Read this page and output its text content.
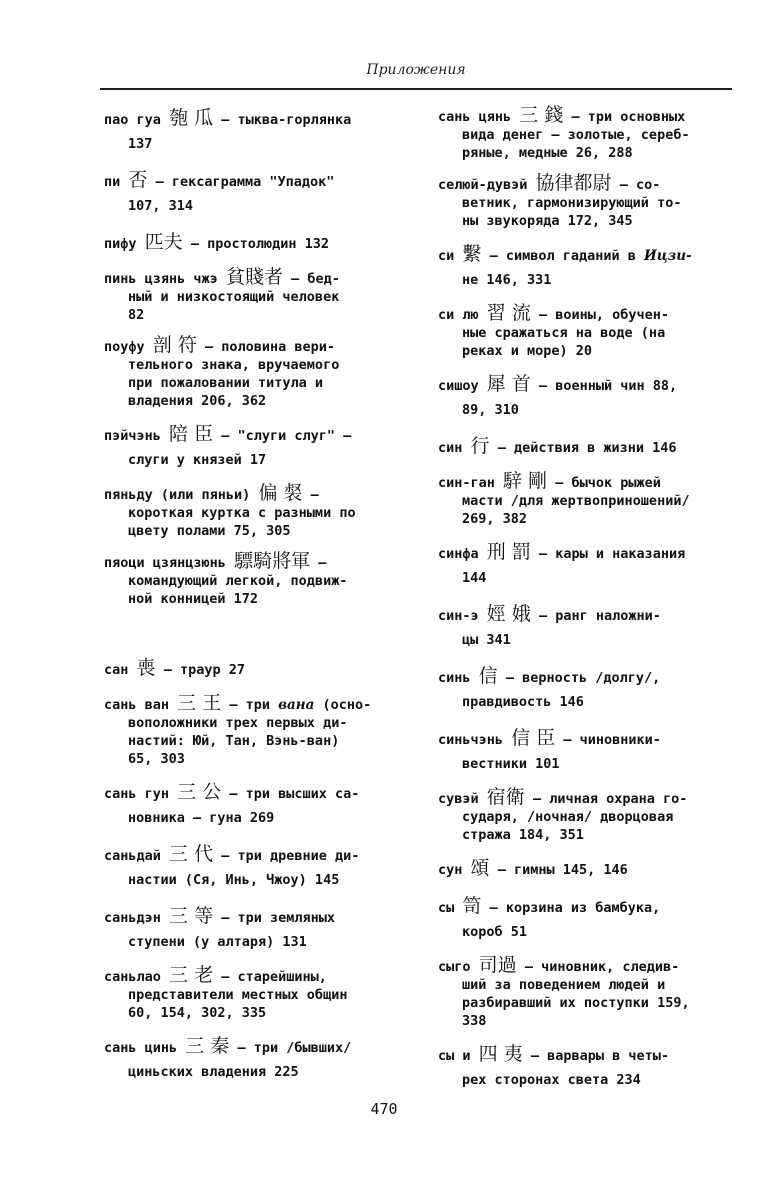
Приложения
пао гуа 匏 瓜 – тыква-горлянка
137
пи 否 – гексаграмма "Упадок"
107, 314
пифу 匹夫 – простолюдин 132
пинь цзянь чжэ 貧賤者 – бед-
ный и низкостоящий человек
82
поуфу 剖 符 – половина вери-
тельного знака, вручаемого
при пожаловании титула и
владения 206, 362
пэйчэнь 陪 臣 – "слуги слуг" –
слуги у князей 17
пяньду (или пяньи) 偏 裻 –
короткая куртка с разными по
цвету полами 75, 305
пяоци цзянцзюнь 驃騎將軍 –
командующий легкой, подвиж-
ной конницей 172
сан 喪 – траур 27
сань ван 三 王 – три вана (осно-
воположники трех первых ди-
настий: Юй, Тан, Вэнь-ван)
65, 303
сань гун 三 公 – три высших са-
новника – гуна 269
саньдай 三 代 – три древние ди-
настии (Ся, Инь, Чжоу) 145
саньдэн 三 等 – три земляных
ступени (у алтаря) 131
саньлао 三 老 – старейшины,
представители местных общин
60, 154, 302, 335
сань цинь 三 秦 – три /бывших/
циньских владения 225
сань цянь 三 錢 – три основных
вида денег – золотые, сереб-
ряные, медные 26, 288
селюй-дувэй 協律都尉 – со-
ветник, гармонизирующий то-
ны звукоряда 172, 345
си 繫 – символ гаданий в Ицзи-
не 146, 331
си лю 習 流 – воины, обучен-
ные сражаться на воде (на
реках и море) 20
сишоу 犀 首 – военный чин 88,
89, 310
син 行 – действия в жизни 146
син-ган 騂 剛 – бычок рыжей
масти /для жертвоприношений/
269, 382
синфа 刑 罰 – кары и наказания
144
син-э 娙 娥 – ранг наложни-
цы 341
синь 信 – верность /долгу/,
правдивость 146
синьчэнь 信 臣 – чиновники-
вестники 101
сувэй 宿衛 – личная охрана го-
сударя, /ночная/ дворцовая
стража 184, 351
сун 頌 – гимны 145, 146
сы 笥 – корзина из бамбука,
короб 51
сыго 司過 – чиновник, следив-
ший за поведением людей и
разбиравший их поступки 159,
338
сы и 四 夷 – варвары в четы-
рех сторонах света 234
470
